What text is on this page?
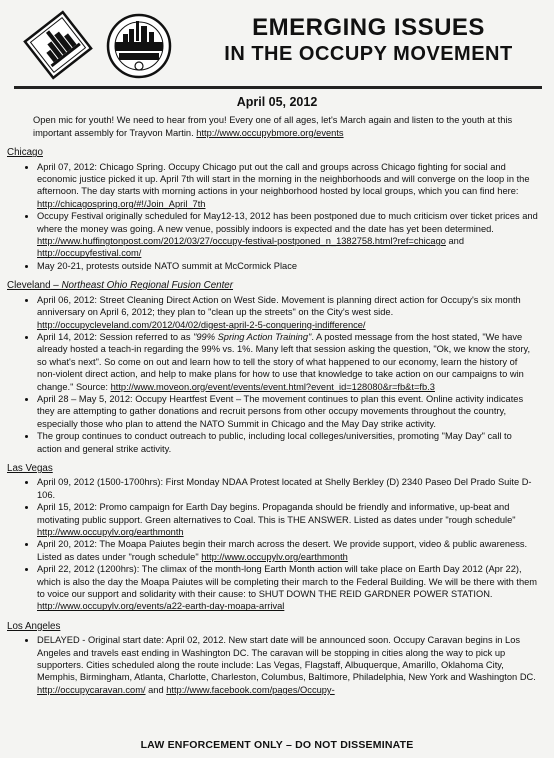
EMERGING ISSUES
IN THE OCCUPY MOVEMENT
April 05, 2012
Open mic for youth! We need to hear from you! Every one of all ages, let's March again and listen to the youth at this important assembly for Trayvon Martin. http://www.occupybmore.org/events
Chicago
• April 07, 2012: Chicago Spring. Occupy Chicago put out the call and groups across Chicago fighting for social and economic justice picked it up. April 7th will start in the morning in the neighborhoods and will converge on the loop in the afternoon. The day starts with morning actions in your neighborhood hosted by local groups, which you can find here: http://chicagospring.org/#!/Join_April_7th
• Occupy Festival originally scheduled for May12-13, 2012 has been postponed due to much criticism over ticket prices and where the money was going. A new venue, possibly indoors is expected and the date has yet been determined. http://www.huffingtonpost.com/2012/03/27/occupy-festival-postponed_n_1382758.html?ref=chicago and http://occupyfestival.com/
• May 20-21, protests outside NATO summit at McCormick Place
Cleveland – Northeast Ohio Regional Fusion Center
• April 06, 2012: Street Cleaning Direct Action on West Side. Movement is planning direct action for Occupy's six month anniversary on April 6, 2012; they plan to "clean up the streets" on the City's west side. http://occupycleveland.com/2012/04/02/digest-april-2-5-conquering-indifference/
• April 14, 2012: Session referred to as "99% Spring Action Training". A posted message from the host stated, "We have already hosted a teach-in regarding the 99% vs. 1%. Many left that session asking the question, "Ok, we know the story, so what's next". So come on out and learn how to tell the story of what happened to our economy, learn the history of non-violent direct action, and help to make plans for how to use that knowledge to take action on our campaigns to win change." Source: http://www.moveon.org/event/events/event.html?event_id=128080&r=fb&t=fb.3
• April 28 – May 5, 2012: Occupy Heartfest Event – The movement continues to plan this event. Online activity indicates they are attempting to gather donations and recruit persons from other occupy movements throughout the country, especially those who plan to attend the NATO Summit in Chicago and the May Day strike activity.
• The group continues to conduct outreach to public, including local colleges/universities, promoting "May Day" call to action and general strike activity.
Las Vegas
• April 09, 2012 (1500-1700hrs): First Monday NDAA Protest located at Shelly Berkley (D) 2340 Paseo Del Prado Suite D-106.
• April 15, 2012: Promo campaign for Earth Day begins. Propaganda should be friendly and informative, up-beat and motivating public support. Green alternatives to Coal. This is THE ANSWER. Listed as dates under "rough schedule" http://www.occupylv.org/earthmonth
• April 20, 2012: The Moapa Paiutes begin their march across the desert. We provide support, video & public awareness. Listed as dates under "rough schedule" http://www.occupylv.org/earthmonth
• April 22, 2012 (1200hrs): The climax of the month-long Earth Month action will take place on Earth Day 2012 (Apr 22), which is also the day the Moapa Paiutes will be completing their march to the Federal Building. We will be there with them to voice our support and solidarity with their cause: to SHUT DOWN THE REID GARDNER POWER STATION. http://www.occupylv.org/events/a22-earth-day-moapa-arrival
Los Angeles
• DELAYED - Original start date: April 02, 2012. New start date will be announced soon. Occupy Caravan begins in Los Angeles and travels east ending in Washington DC. The caravan will be stopping in cities along the way to pick up supporters. Cities scheduled along the route include: Las Vegas, Flagstaff, Albuquerque, Amarillo, Oklahoma City, Memphis, Birmingham, Atlanta, Charlotte, Charleston, Columbus, Baltimore, Philadelphia, New York and Washington DC. http://occupycaravan.com/ and http://www.facebook.com/pages/Occupy-
LAW ENFORCEMENT ONLY – DO NOT DISSEMINATE
